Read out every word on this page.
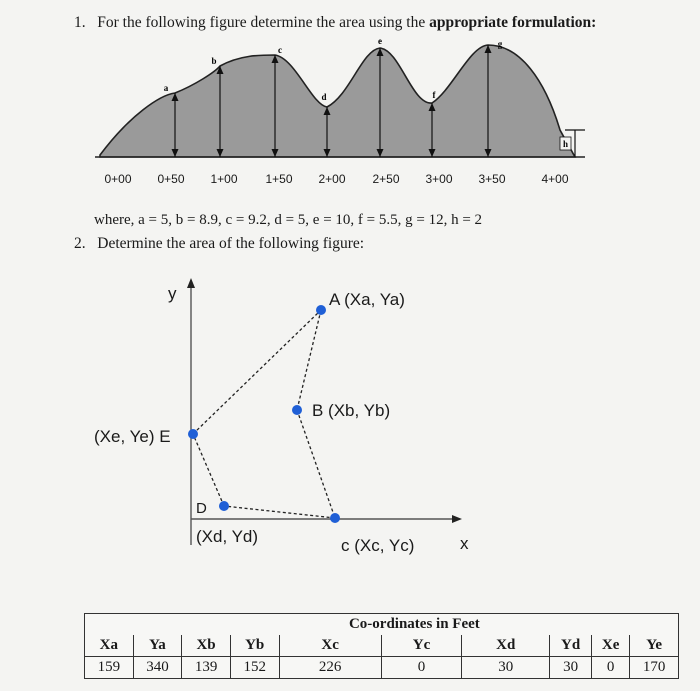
1. For the following figure determine the area using the appropriate formulation:
a
b
c
d
e
f
g
h
0+00 0+50 1+00 1+50 2+00 2+50 3+00 3+50	4+00
where, a = 5, b = 8.9, c = 9.2, d = 5, e = 10, f = 5.5, g = 12, h = 2
2. Determine the area of the following figure:
y	A (Xa, Ya)
B (Xb, Yb)
(Xe, Ye) E
D
(Xd, Yd)	c (Xc, Yc)	x
				Co-ordinates in Feet					
Xa	Ya	Xb	Yb	Xc	Yc	Xd	Yd	Xe	Ye
159	340	139	152	226	0	30	30	0	170
